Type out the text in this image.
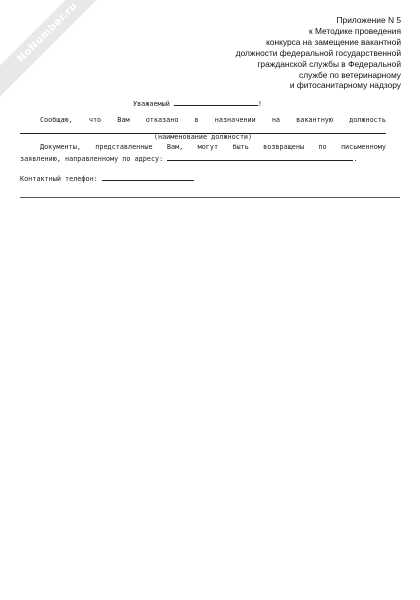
NoNumber.ru	Приложение N 5
к Методике проведения
конкурса на замещение вакантной
должности федеральной государственной
гражданской службы в Федеральной
службе по ветеринарному
и фитосанитарному надзору
Уважаемый	!
Сообщаю, что Вам отказано в назначении на вакантную должность
(наименование должности)
Документы, представленные Вам, могут быть возвращены по письменному
заявлению, направленному по адресу:	.
Контактный телефон:
